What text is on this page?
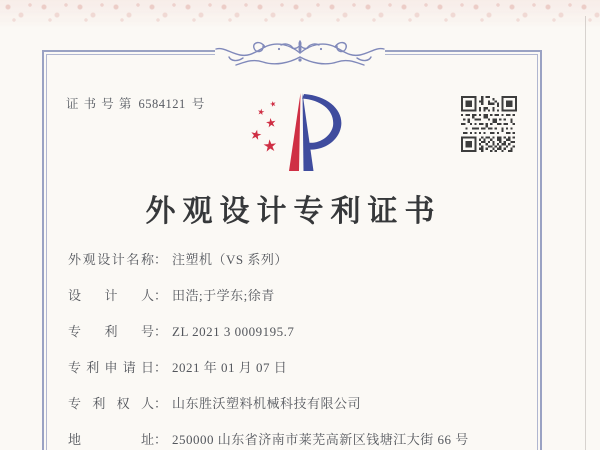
证 书 号 第 6584121 号
外观设计专利证书
外观设计名称： 注塑机（VS 系列）
设计人： 田浩;于学东;徐青
专利号： ZL 2021 3 0009195.7
专利申请日： 2021 年 01 月 07 日
专利权人： 山东胜沃塑料机械科技有限公司
地址： 250000 山东省济南市莱芜高新区钱塘江大街 66 号
